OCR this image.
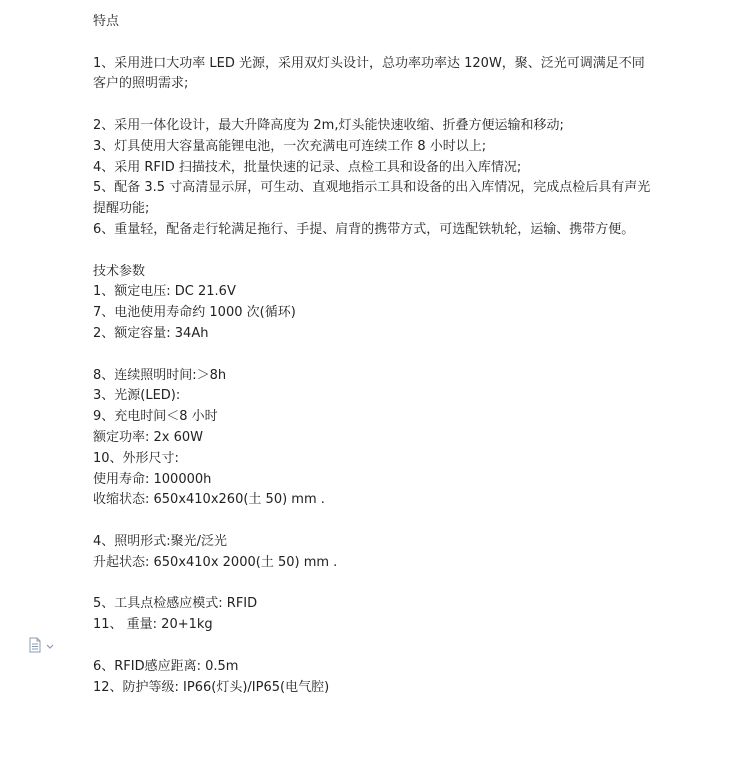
特点
1、采用进口大功率 LED 光源，采用双灯头设计，总功率功率达 120W，聚、泛光可调满足不同客户的照明需求;
2、采用一体化设计，最大升降高度为 2m,灯头能快速收缩、折叠方便运输和移动;
3、灯具使用大容量高能锂电池，一次充满电可连续工作 8 小时以上;
4、采用 RFID 扫描技术，批量快速的记录、点检工具和设备的出入库情况;
5、配备 3.5 寸高清显示屏，可生动、直观地指示工具和设备的出入库情况，完成点检后具有声光提醒功能;
6、重量轻，配备走行轮满足拖行、手提、肩背的携带方式，可选配铁轨轮，运输、携带方便。
技术参数
1、额定电压: DC 21.6V
7、电池使用寿命约 1000 次(循环)
2、额定容量: 34Ah
8、连续照明时间:＞8h
3、光源(LED):
9、充电时间＜8 小时
额定功率: 2x 60W
10、外形尺寸:
使用寿命: 100000h
收缩状态: 650x410x260(土 50) mm .
4、照明形式:聚光/泛光
升起状态: 650x410x 2000(土 50) mm .
5、工具点检感应模式: RFID
11、 重量: 20+1kg
6、RFID感应距离: 0.5m
12、防护等级: IP66(灯头)/IP65(电气腔)
